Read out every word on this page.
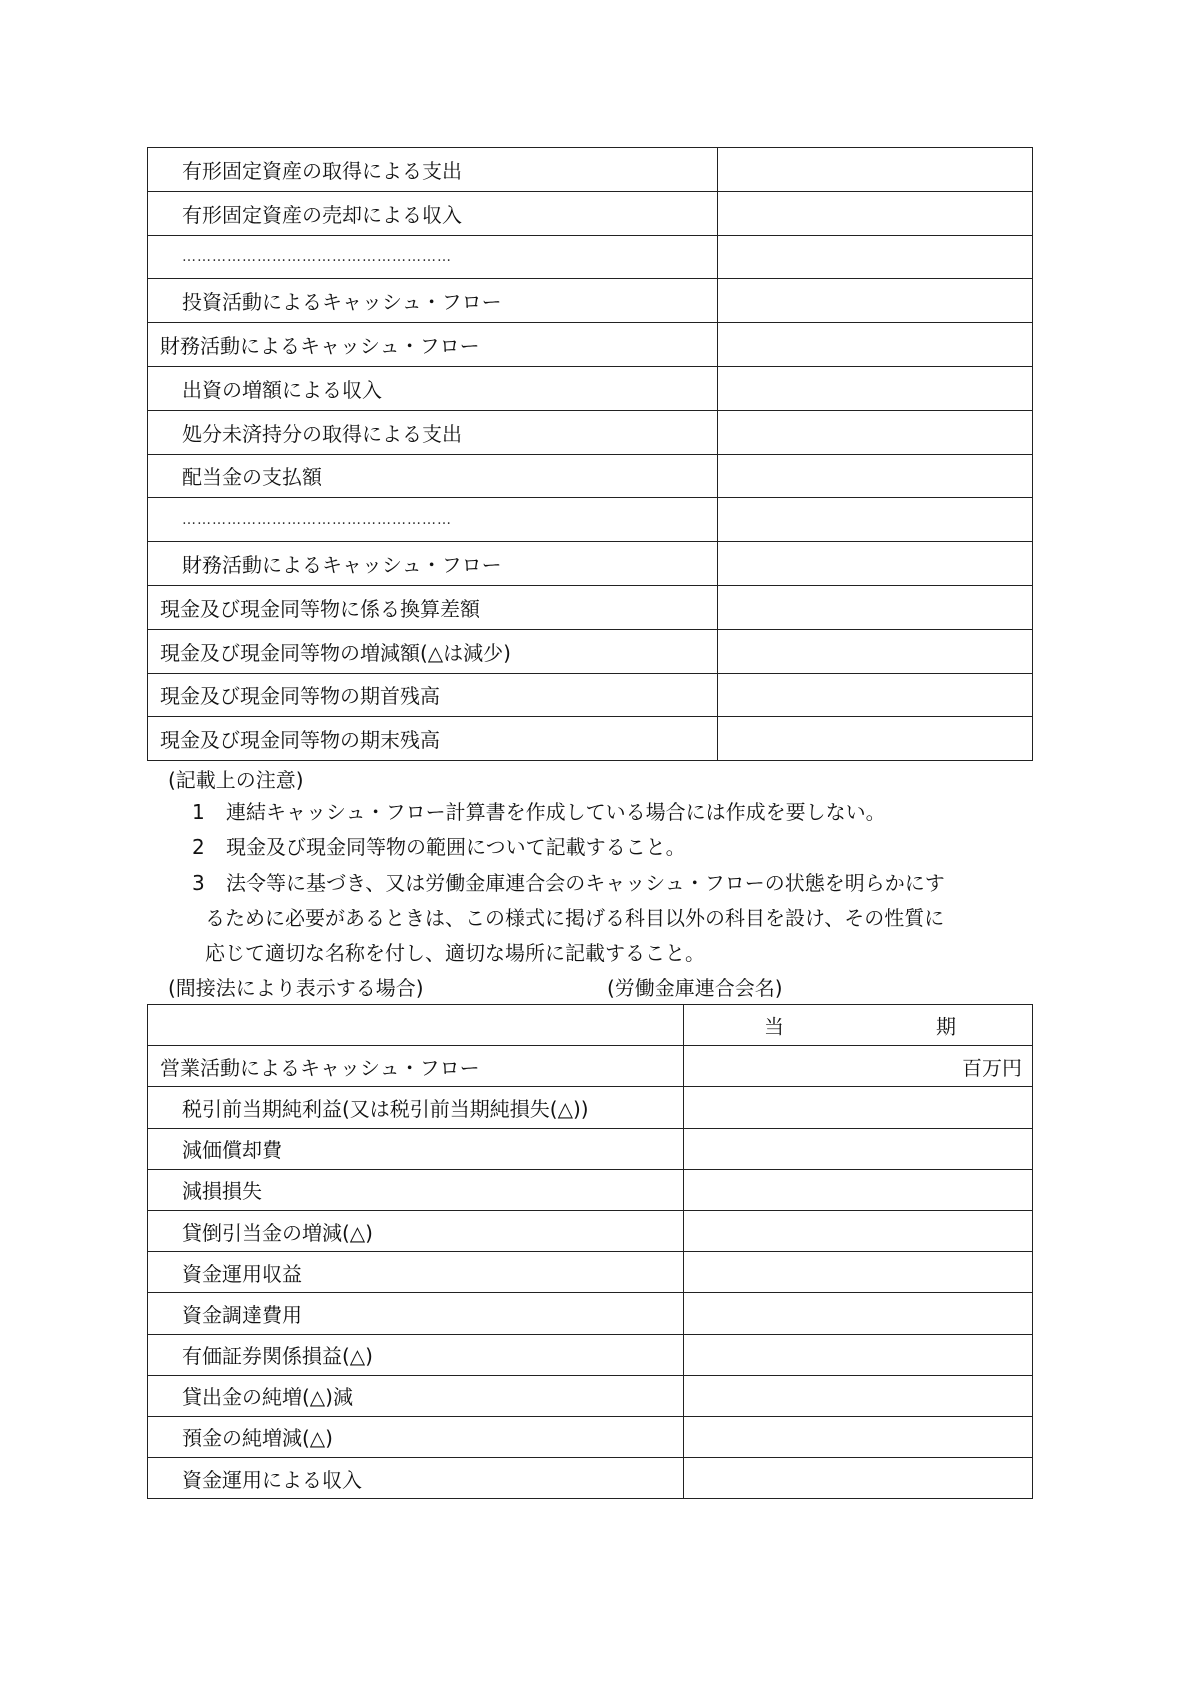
有形固定資産の取得による支出	
有形固定資産の売却による収入	
………………………………………………	
投資活動によるキャッシュ・フロー	
財務活動によるキャッシュ・フロー	
出資の増額による収入	
処分未済持分の取得による支出	
配当金の支払額	
………………………………………………	
財務活動によるキャッシュ・フロー	
現金及び現金同等物に係る換算差額	
現金及び現金同等物の増減額(△は減少)	
現金及び現金同等物の期首残高	
現金及び現金同等物の期末残高	
(記載上の注意)
1 連結キャッシュ・フロー計算書を作成している場合には作成を要しない。
2 現金及び現金同等物の範囲について記載すること。
3 法令等に基づき、又は労働金庫連合会のキャッシュ・フローの状態を明らかにす
るために必要があるときは、この様式に掲げる科目以外の科目を設け、その性質に
応じて適切な名称を付し、適切な場所に記載すること。
(間接法により表示する場合)	(労働金庫連合会名)

	当 期

営業活動によるキャッシュ・フロー	百万円
税引前当期純利益(又は税引前当期純損失(△))	
減価償却費	
減損損失	
貸倒引当金の増減(△)	
資金運用収益	
資金調達費用	
有価証券関係損益(△)	
貸出金の純増(△)減	
預金の純増減(△)	
資金運用による収入	
